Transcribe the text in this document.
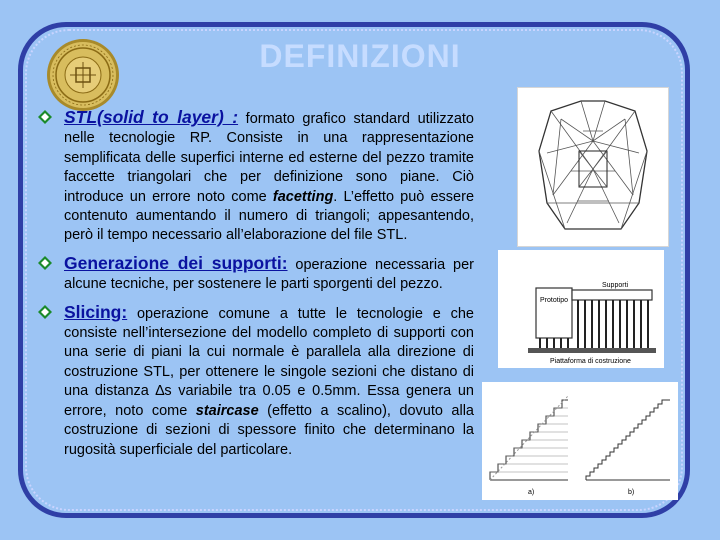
DEFINIZIONI
STL(solid to layer) : formato grafico standard utilizzato nelle tecnologie RP. Consiste in una rappresentazione semplificata delle superfici interne ed esterne del pezzo tramite faccette triangolari che per definizione sono piane. Ciò introduce un errore noto come facetting. L’effetto può essere contenuto aumentando il numero di triangoli; appesantendo, però il tempo necessario all’elaborazione del file STL.
Generazione dei supporti: operazione necessaria per alcune tecniche, per sostenere le parti sporgenti del pezzo.
Slicing: operazione comune a tutte le tecnologie e che consiste nell’intersezione del modello completo di supporti con una serie di piani la cui normale è parallela alla direzione di costruzione STL, per ottenere le singole sezioni che distano di una distanza ∆s variabile tra 0.05 e 0.5mm. Essa genera un errore, noto come staircase (effetto a scalino), dovuto alla costruzione di sezioni di spessore finito che determinano la rugosità superficiale del particolare.
Prototipo
Supporti
Piattaforma di costruzione
a)	b)
